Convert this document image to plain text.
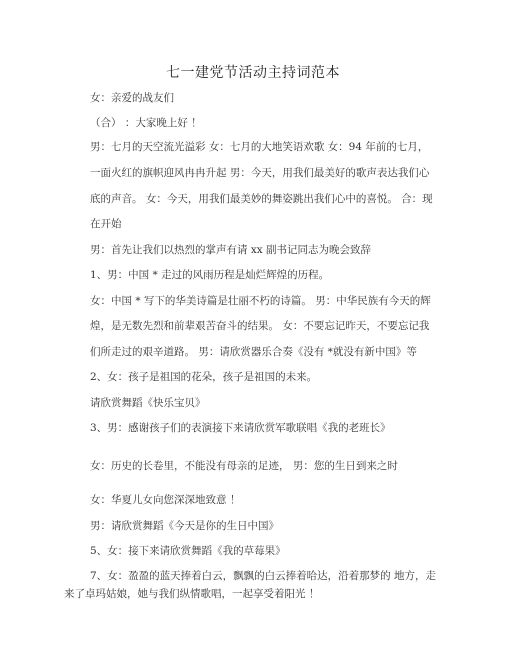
七一建党节活动主持词范本
女：亲爱的战友们
（合） ：大家晚上好 ！
男：七月的天空流光溢彩 女：七月的大地笑语欢歌 女：94 年前的七月，
一面火红的旗帜迎风冉冉升起 男：今天，用我们最美好的歌声表达我们心
底的声音。 女：今天，用我们最美妙的舞姿跳出我们心中的喜悦。 合：现
在开始
男：首先让我们以热烈的掌声有请 xx 副书记同志为晚会致辞
1、男：中国 * 走过的风雨历程是灿烂辉煌的历程。
女：中国 * 写下的华美诗篇是壮丽不朽的诗篇。 男：中华民族有今天的辉
煌，是无数先烈和前辈艰苦奋斗的结果。 女：不要忘记昨天，不要忘记我
们所走过的艰辛道路。 男：请欣赏器乐合奏《没有 *就没有新中国》等
2、女：孩子是祖国的花朵，孩子是祖国的未来。
请欣赏舞蹈《快乐宝贝》
3、男：感谢孩子们的表演接下来请欣赏军歌联唱《我的老班长》
女：历史的长卷里，不能没有母亲的足迹， 男：您的生日到来之时
女：华夏儿女向您深深地致意 ！
男：请欣赏舞蹈《今天是你的生日中国》
5、女：接下来请欣赏舞蹈《我的草莓果》
7、女：盈盈的蓝天捧着白云，飘飘的白云捧着哈达，沿着那梦的 地方，走
来了卓玛姑娘，她与我们纵情歌唱，一起享受着阳光 ！
